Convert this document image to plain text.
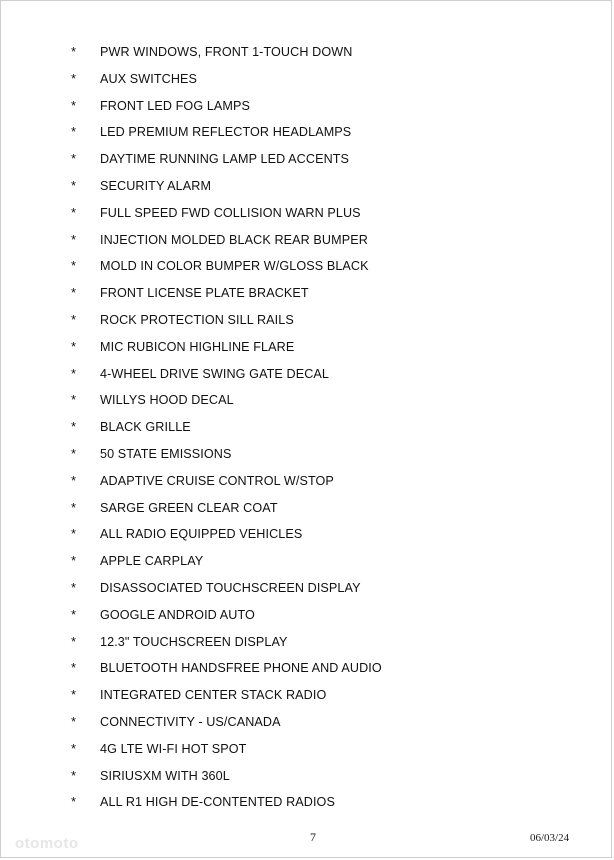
* PWR WINDOWS, FRONT 1-TOUCH DOWN
* AUX SWITCHES
* FRONT LED FOG LAMPS
* LED PREMIUM REFLECTOR HEADLAMPS
* DAYTIME RUNNING LAMP LED ACCENTS
* SECURITY ALARM
* FULL SPEED FWD COLLISION WARN PLUS
* INJECTION MOLDED BLACK REAR BUMPER
* MOLD IN COLOR BUMPER W/GLOSS BLACK
* FRONT LICENSE PLATE BRACKET
* ROCK PROTECTION SILL RAILS
* MIC RUBICON HIGHLINE FLARE
* 4-WHEEL DRIVE SWING GATE DECAL
* WILLYS HOOD DECAL
* BLACK GRILLE
* 50 STATE EMISSIONS
* ADAPTIVE CRUISE CONTROL W/STOP
* SARGE GREEN CLEAR COAT
* ALL RADIO EQUIPPED VEHICLES
* APPLE CARPLAY
* DISASSOCIATED TOUCHSCREEN DISPLAY
* GOOGLE ANDROID AUTO
* 12.3" TOUCHSCREEN DISPLAY
* BLUETOOTH HANDSFREE PHONE AND AUDIO
* INTEGRATED CENTER STACK RADIO
* CONNECTIVITY - US/CANADA
* 4G LTE WI-FI HOT SPOT
* SIRIUSXM WITH 360L
* ALL R1 HIGH DE-CONTENTED RADIOS
otomoto	7	06/03/24
